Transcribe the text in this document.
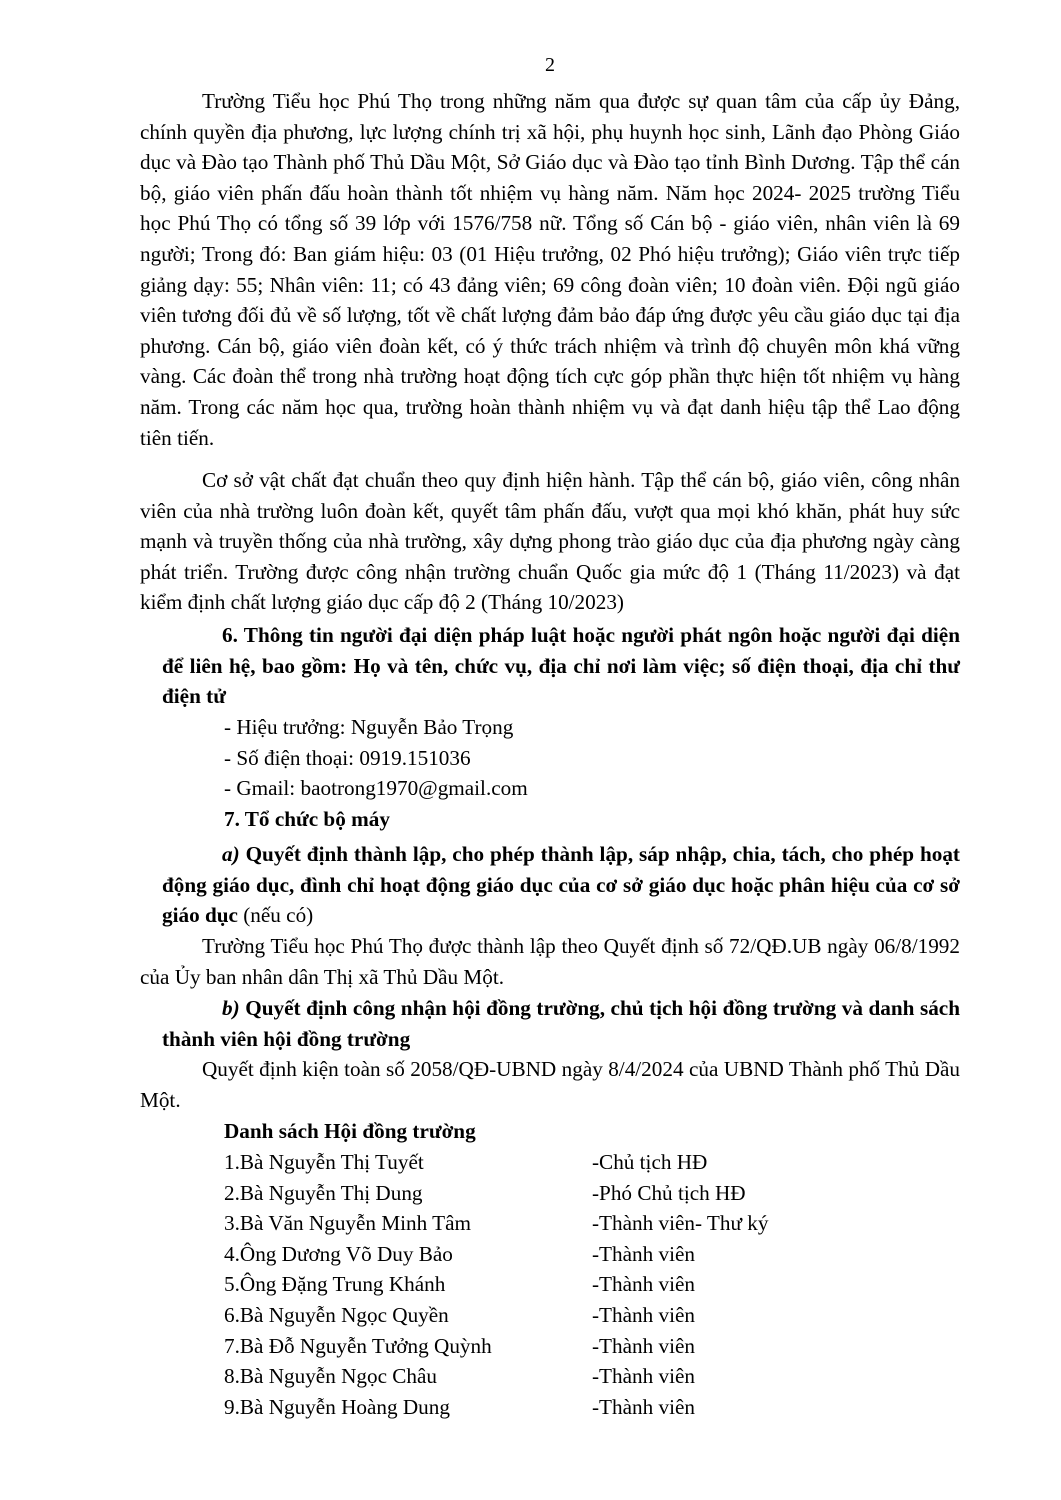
2

Trường Tiểu học Phú Thọ trong những năm qua được sự quan tâm của cấp ủy Đảng, chính quyền địa phương, lực lượng chính trị xã hội, phụ huynh học sinh, Lãnh đạo Phòng Giáo dục và Đào tạo Thành phố Thủ Dầu Một, Sở Giáo dục và Đào tạo tỉnh Bình Dương. Tập thể cán bộ, giáo viên phấn đấu hoàn thành tốt nhiệm vụ hàng năm. Năm học 2024- 2025 trường Tiểu học Phú Thọ có tổng số 39 lớp với 1576/758 nữ. Tổng số Cán bộ - giáo viên, nhân viên là 69 người; Trong đó: Ban giám hiệu: 03 (01 Hiệu trưởng, 02 Phó hiệu trưởng); Giáo viên trực tiếp giảng dạy: 55; Nhân viên: 11; có 43 đảng viên; 69 công đoàn viên; 10 đoàn viên. Đội ngũ giáo viên tương đối đủ về số lượng, tốt về chất lượng đảm bảo đáp ứng được yêu cầu giáo dục tại địa phương. Cán bộ, giáo viên đoàn kết, có ý thức trách nhiệm và trình độ chuyên môn khá vững vàng. Các đoàn thể trong nhà trường hoạt động tích cực góp phần thực hiện tốt nhiệm vụ hàng năm. Trong các năm học qua, trường hoàn thành nhiệm vụ và đạt danh hiệu tập thể Lao động tiên tiến.

Cơ sở vật chất đạt chuẩn theo quy định hiện hành. Tập thể cán bộ, giáo viên, công nhân viên của nhà trường luôn đoàn kết, quyết tâm phấn đấu, vượt qua mọi khó khăn, phát huy sức mạnh và truyền thống của nhà trường, xây dựng phong trào giáo dục của địa phương ngày càng phát triển. Trường được công nhận trường chuẩn Quốc gia mức độ 1 (Tháng 11/2023) và đạt kiểm định chất lượng giáo dục cấp độ 2 (Tháng 10/2023)

6. Thông tin người đại diện pháp luật hoặc người phát ngôn hoặc người đại diện để liên hệ, bao gồm: Họ và tên, chức vụ, địa chỉ nơi làm việc; số điện thoại, địa chỉ thư điện tử

- Hiệu trưởng: Nguyễn Bảo Trọng

- Số điện thoại: 0919.151036

- Gmail: baotrong1970@gmail.com

7. Tổ chức bộ máy

a) Quyết định thành lập, cho phép thành lập, sáp nhập, chia, tách, cho phép hoạt động giáo dục, đình chỉ hoạt động giáo dục của cơ sở giáo dục hoặc phân hiệu của cơ sở giáo dục (nếu có)

Trường Tiểu học Phú Thọ được thành lập theo Quyết định số 72/QĐ.UB ngày 06/8/1992 của Ủy ban nhân dân Thị xã Thủ Dầu Một.

b) Quyết định công nhận hội đồng trường, chủ tịch hội đồng trường và danh sách thành viên hội đồng trường

Quyết định kiện toàn số 2058/QĐ-UBND ngày 8/4/2024 của UBND Thành phố Thủ Dầu Một.

Danh sách Hội đồng trường

1.Bà Nguyễn Thị Tuyết	-Chủ tịch HĐ
2.Bà Nguyễn Thị Dung	-Phó Chủ tịch HĐ
3.Bà Văn Nguyễn Minh Tâm	-Thành viên- Thư ký
4.Ông Dương Võ Duy Bảo	-Thành viên
5.Ông Đặng Trung Khánh	-Thành viên
6.Bà Nguyễn Ngọc Quyền	-Thành viên
7.Bà Đỗ Nguyễn Tưởng Quỳnh	-Thành viên
8.Bà Nguyễn Ngọc Châu	-Thành viên
9.Bà Nguyễn Hoàng Dung	-Thành viên
